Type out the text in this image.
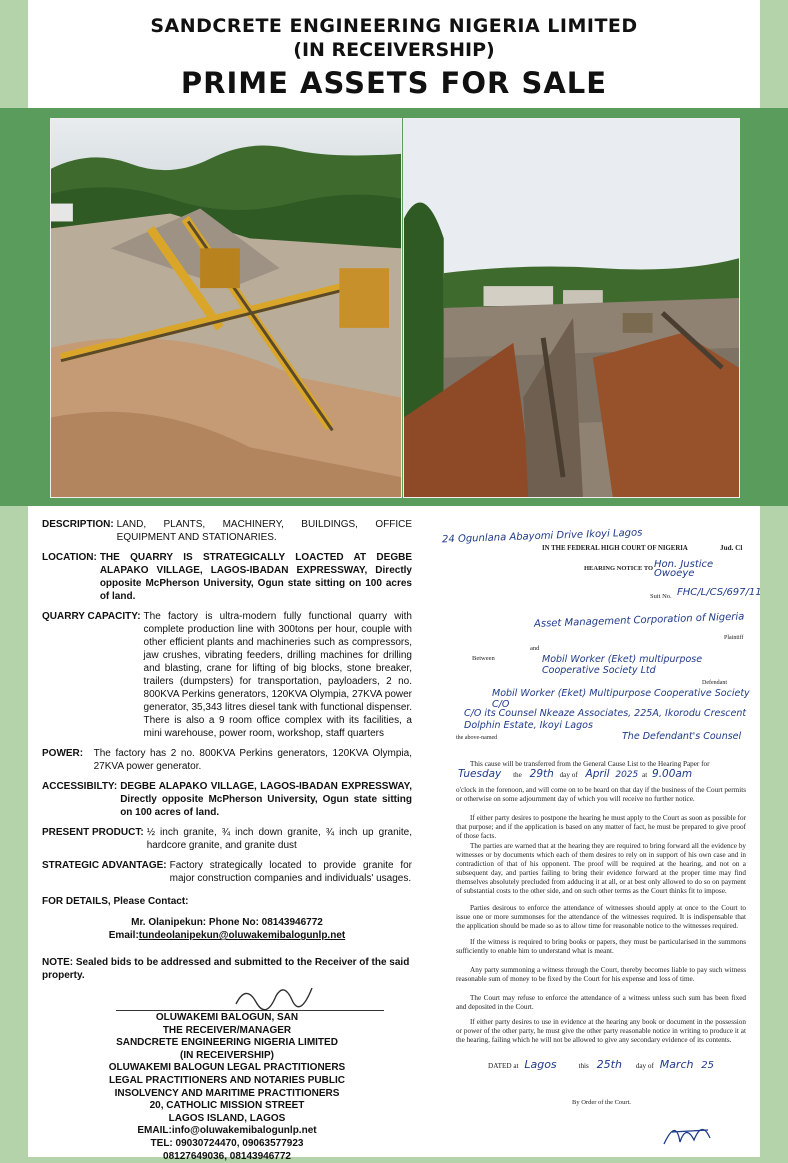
SANDCRETE ENGINEERING NIGERIA LIMITED
(IN RECEIVERSHIP)
PRIME ASSETS FOR SALE
DESCRIPTION: LAND, PLANTS, MACHINERY, BUILDINGS, OFFICE EQUIPMENT AND STATIONARIES.
LOCATION: THE QUARRY IS STRATEGICALLY LOACTED AT DEGBE ALAPAKO VILLAGE, LAGOS-IBADAN EXPRESSWAY, Directly opposite McPherson University, Ogun state sitting on 100 acres of land.
QUARRY CAPACITY: The factory is ultra-modern fully functional quarry with complete production line with 300tons per hour, couple with other efficient plants and machineries such as compressors, jaw crushes, vibrating feeders, drilling machines for drilling and blasting, crane for lifting of big blocks, stone breaker, trailers (dumpsters) for transportation, payloaders, 2 no. 800KVA Perkins generators, 120KVA Olympia, 27KVA power generator, 35,343 litres diesel tank with functional dispenser. There is also a 9 room office complex with its facilities, a mini warehouse, power room, workshop, staff quarters
POWER:	The factory has 2 no. 800KVA Perkins generators, 120KVA Olympia, 27KVA power generator.
ACCESSIBILTY: DEGBE ALAPAKO VILLAGE, LAGOS-IBADAN EXPRESSWAY, Directly opposite McPherson University, Ogun state sitting on 100 acres of land.
PRESENT PRODUCT: ½ inch granite, ¾ inch down granite, ¾ inch up granite, hardcore granite, and granite dust
STRATEGIC ADVANTAGE: Factory strategically located to provide granite for major construction companies and individuals' usages.
FOR DETAILS, Please Contact:
Mr. Olanipekun: Phone No: 08143946772
Email:tundeolanipekun@oluwakemibalogunlp.net
NOTE: Sealed bids to be addressed and submitted to the Receiver of the said property.
OLUWAKEMI BALOGUN, SAN
THE RECEIVER/MANAGER
SANDCRETE ENGINEERING NIGERIA LIMITED
(IN RECEIVERSHIP)
OLUWAKEMI BALOGUN LEGAL PRACTITIONERS
LEGAL PRACTITIONERS AND NOTARIES PUBLIC
INSOLVENCY AND MARITIME PRACTITIONERS
20, CATHOLIC MISSION STREET
LAGOS ISLAND, LAGOS
EMAIL:info@oluwakemibalogunlp.net
TEL: 09030724470, 09063577923
08127649036, 08143946772
24 Ogunlana Abayomi Drive Ikoyi Lagos
IN THE FEDERAL HIGH COURT OF NIGERIA	Jud. Cl
HEARING NOTICE TO Hon. Justice Owoeye
Suit No. FHC/L/CS/697/11
Asset Management Corporation of Nigeria
Plaintiff
Between
and
Mobil Worker (Eket) multipurpose Cooperative Society Ltd
Defendant
Mobil Worker (Eket) Multipurpose Cooperative Society C/O
C/O its Counsel Nkeaze Associates, 225A, Ikorodu Crescent Dolphin Estate, Ikoyi Lagos
the above-named	The Defendant's Counsel
This cause will be transferred from the General Cause List to the Hearing Paper for
Tuesday the 29th day of April 2025 at 9.00am
o'clock in the forenoon, and will come on to be heard on that day if the business of the Court permits or otherwise on some adjournment day of which you will receive no further notice.
If either party desires to postpone the hearing he must apply to the Court as soon as possible for that purpose; and if the application is based on any matter of fact, he must be prepared to give proof of those facts.
The parties are warned that at the hearing they are required to bring forward all the evidence by witnesses or by documents which each of them desires to rely on in support of his own case and in contradiction of that of his opponent. The proof will be required at the hearing, and not on a subsequent day, and parties failing to bring their evidence forward at the proper time may find themselves absolutely precluded from adducing it at all, or at best only allowed to do so on payment of substantial costs to the other side, and on such other terms as the Court thinks fit to impose.
Parties desirous to enforce the attendance of witnesses should apply at once to the Court to issue one or more summonses for the attendance of the witnesses required. It is indispensable that the application should be made so as to allow time for reasonable notice to the witnesses required.
If the witness is required to bring books or papers, they must be particularised in the summons sufficiently to enable him to understand what is meant.
Any party summoning a witness through the Court, thereby becomes liable to pay such witness reasonable sum of money to be fixed by the Court for his expense and loss of time.
The Court may refuse to enforce the attendance of a witness unless such sum has been fixed and deposited in the Court.
If either party desires to use in evidence at the hearing any book or document in the possession or power of the other party, he must give the other party reasonable notice in writing to produce it at the hearing, failing which he will not be allowed to give any secondary evidence of its contents.
DATED at Lagos	this 25th day of March 25
By Order of the Court.
